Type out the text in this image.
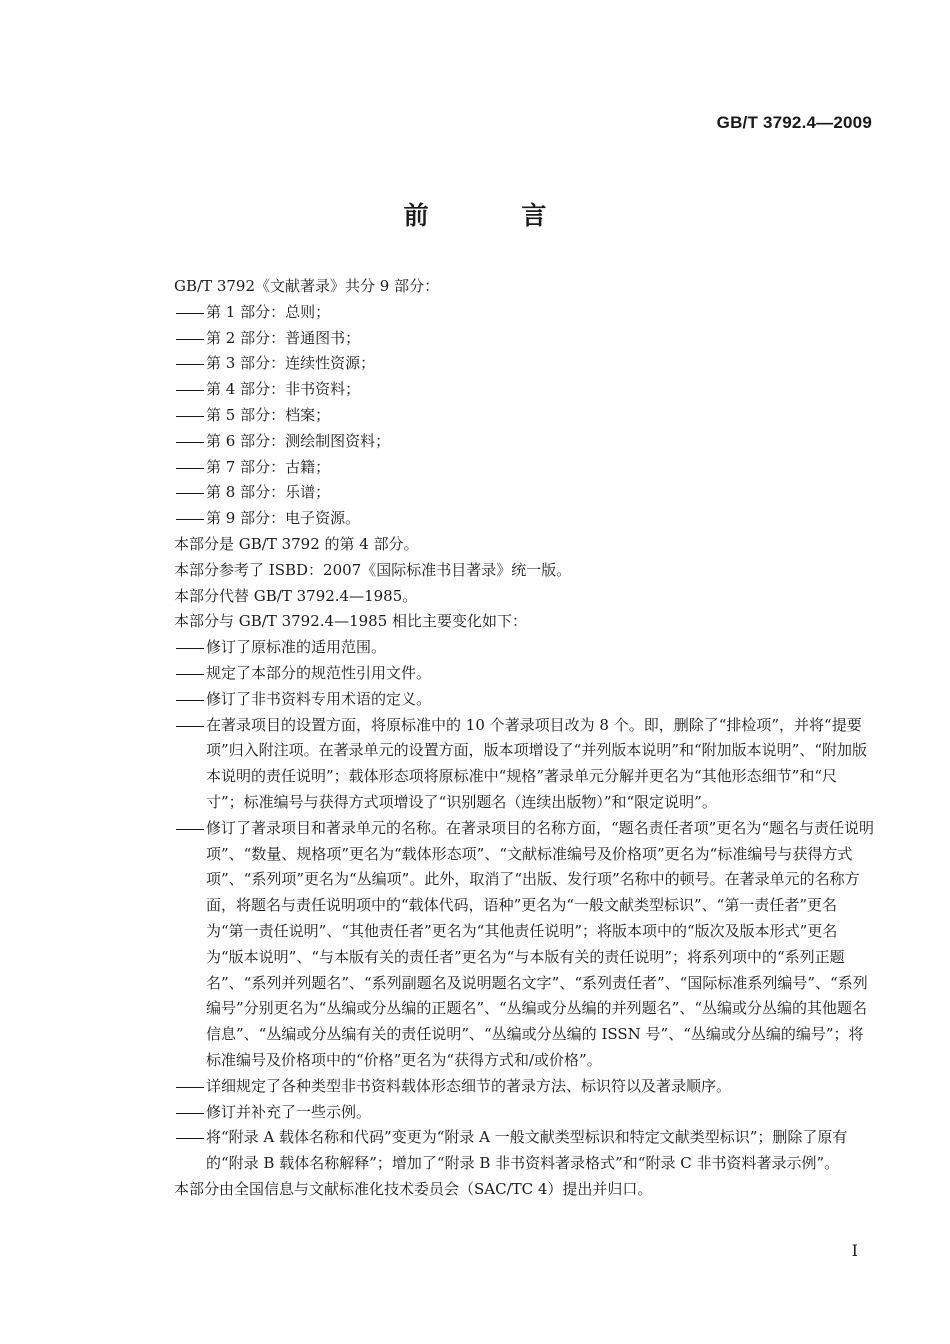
GB/T 3792.4—2009
前 言

GB/T 3792《文献著录》共分 9 部分：

第 1 部分：总则；

第 2 部分：普通图书；

第 3 部分：连续性资源；

第 4 部分：非书资料；

第 5 部分：档案；

第 6 部分：测绘制图资料；

第 7 部分：古籍；

第 8 部分：乐谱；

第 9 部分：电子资源。

本部分是 GB/T 3792 的第 4 部分。

本部分参考了 ISBD：2007《国际标准书目著录》统一版。

本部分代替 GB/T 3792.4—1985。

本部分与 GB/T 3792.4—1985 相比主要变化如下：

修订了原标准的适用范围。

规定了本部分的规范性引用文件。

修订了非书资料专用术语的定义。

在著录项目的设置方面，将原标准中的 10 个著录项目改为 8 个。即，删除了“排检项”，并将“提要项”归入附注项。在著录单元的设置方面，版本项增设了“并列版本说明”和“附加版本说明”、“附加版本说明的责任说明”；载体形态项将原标准中“规格”著录单元分解并更名为“其他形态细节”和“尺寸”；标准编号与获得方式项增设了“识别题名（连续出版物）”和“限定说明”。

修订了著录项目和著录单元的名称。在著录项目的名称方面，“题名责任者项”更名为“题名与责任说明项”、“数量、规格项”更名为“载体形态项”、“文献标准编号及价格项”更名为“标准编号与获得方式项”、“系列项”更名为“丛编项”。此外，取消了“出版、发行项”名称中的顿号。在著录单元的名称方面，将题名与责任说明项中的“载体代码，语种”更名为“一般文献类型标识”、“第一责任者”更名为“第一责任说明”、“其他责任者”更名为“其他责任说明”；将版本项中的“版次及版本形式”更名为“版本说明”、“与本版有关的责任者”更名为“与本版有关的责任说明”；将系列项中的“系列正题名”、“系列并列题名”、“系列副题名及说明题名文字”、“系列责任者”、“国际标准系列编号”、“系列编号”分别更名为“丛编或分丛编的正题名”、“丛编或分丛编的并列题名”、“丛编或分丛编的其他题名信息”、“丛编或分丛编有关的责任说明”、“丛编或分丛编的 ISSN 号”、“丛编或分丛编的编号”；将标准编号及价格项中的“价格”更名为“获得方式和/或价格”。

详细规定了各种类型非书资料载体形态细节的著录方法、标识符以及著录顺序。

修订并补充了一些示例。

将“附录 A 载体名称和代码”变更为“附录 A 一般文献类型标识和特定文献类型标识”；删除了原有的“附录 B 载体名称解释”；增加了“附录 B 非书资料著录格式”和“附录 C 非书资料著录示例”。

本部分由全国信息与文献标准化技术委员会（SAC/TC 4）提出并归口。

I
